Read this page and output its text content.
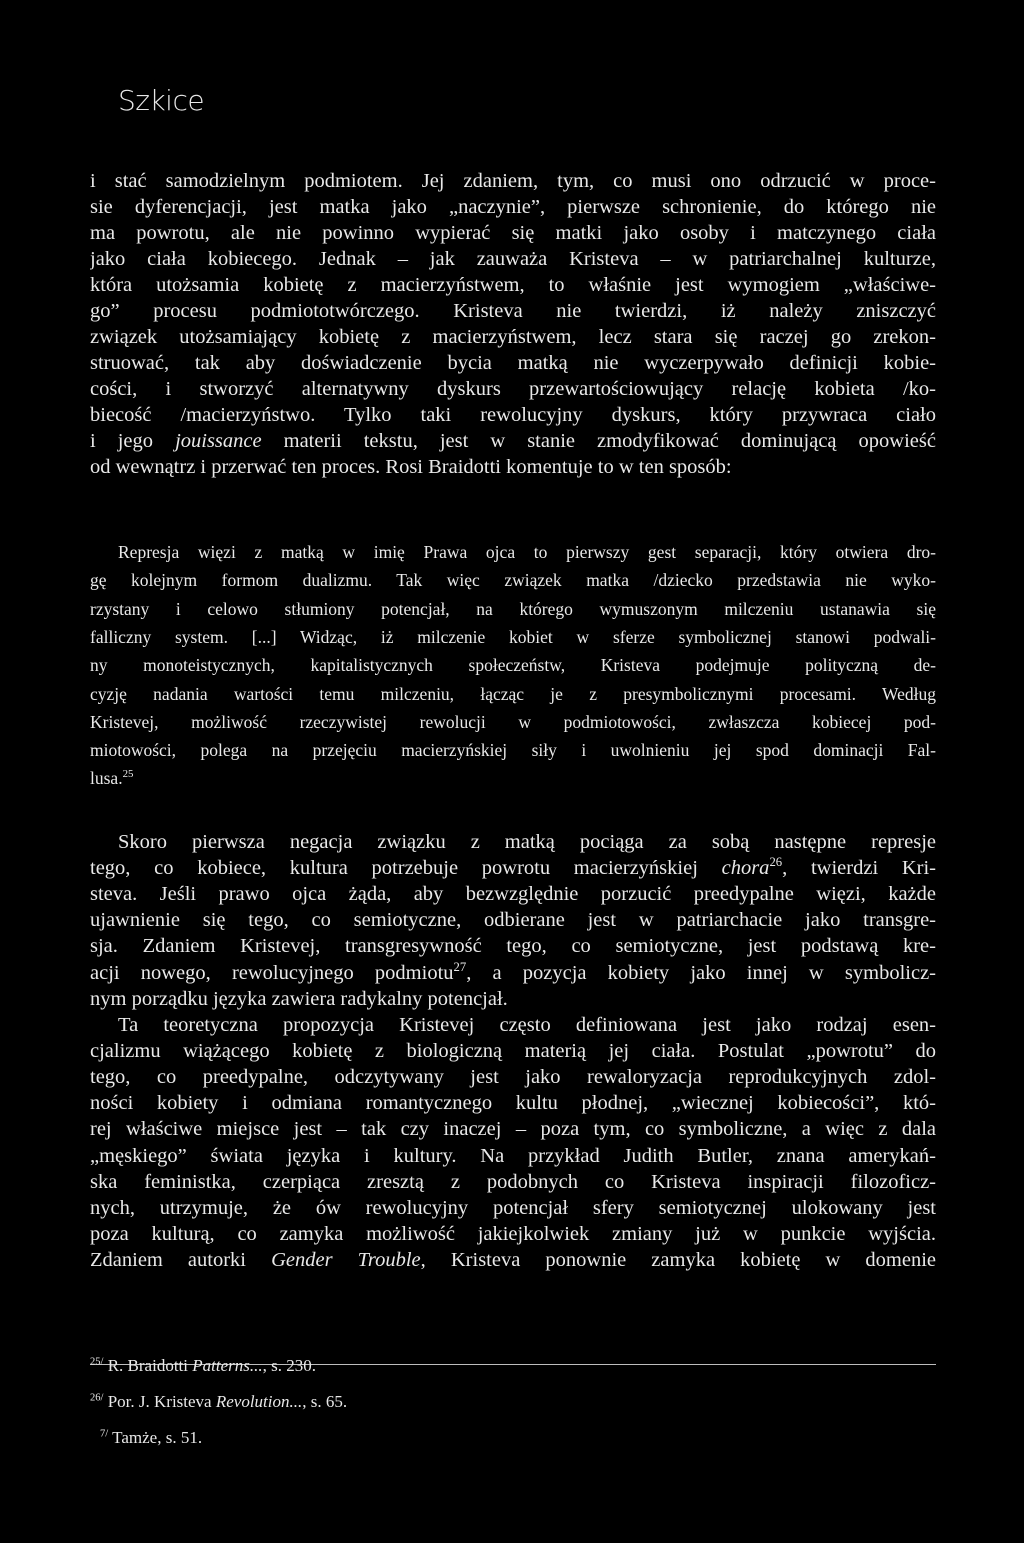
Szkice
i stać samodzielnym podmiotem. Jej zdaniem, tym, co musi ono odrzucić w proce-
sie dyferencjacji, jest matka jako „naczynie”, pierwsze schronienie, do którego nie
ma powrotu, ale nie powinno wypierać się matki jako osoby i matczynego ciała
jako ciała kobiecego. Jednak – jak zauważa Kristeva – w patriarchalnej kulturze,
która utożsamia kobietę z macierzyństwem, to właśnie jest wymogiem „właściwe-
go” procesu podmiototwórczego. Kristeva nie twierdzi, iż należy zniszczyć
związek utożsamiający kobietę z macierzyństwem, lecz stara się raczej go zrekon-
struować, tak aby doświadczenie bycia matką nie wyczerpywało definicji kobie-
cości, i stworzyć alternatywny dyskurs przewartościowujący relację kobieta /ko-
biecość /macierzyństwo. Tylko taki rewolucyjny dyskurs, który przywraca ciało
i jego jouissance materii tekstu, jest w stanie zmodyfikować dominującą opowieść
od wewnątrz i przerwać ten proces. Rosi Braidotti komentuje to w ten sposób:
Represja więzi z matką w imię Prawa ojca to pierwszy gest separacji, który otwiera dro-
gę kolejnym formom dualizmu. Tak więc związek matka /dziecko przedstawia nie wyko-
rzystany i celowo stłumiony potencjał, na którego wymuszonym milczeniu ustanawia się
falliczny system. [...] Widząc, iż milczenie kobiet w sferze symbolicznej stanowi podwali-
ny monoteistycznych, kapitalistycznych społeczeństw, Kristeva podejmuje polityczną de-
cyzję nadania wartości temu milczeniu, łącząc je z presymbolicznymi procesami. Według
Kristevej, możliwość rzeczywistej rewolucji w podmiotowości, zwłaszcza kobiecej pod-
miotowości, polega na przejęciu macierzyńskiej siły i uwolnieniu jej spod dominacji Fal-
lusa.$^{25}$
Skoro pierwsza negacja związku z matką pociąga za sobą następne represje
tego, co kobiece, kultura potrzebuje powrotu macierzyńskiej chora$^{26}$, twierdzi Kri-
steva. Jeśli prawo ojca żąda, aby bezwzględnie porzucić preedypalne więzi, każde
ujawnienie się tego, co semiotyczne, odbierane jest w patriarchacie jako transgre-
sja. Zdaniem Kristevej, transgresywność tego, co semiotyczne, jest podstawą kre-
acji nowego, rewolucyjnego podmiotu$^{27}$, a pozycja kobiety jako innej w symbolicz-
nym porządku języka zawiera radykalny potencjał.
Ta teoretyczna propozycja Kristevej często definiowana jest jako rodzaj esen-
cjalizmu wiążącego kobietę z biologiczną materią jej ciała. Postulat „powrotu” do
tego, co preedypalne, odczytywany jest jako rewaloryzacja reprodukcyjnych zdol-
ności kobiety i odmiana romantycznego kultu płodnej, „wiecznej kobiecości”, któ-
rej właściwe miejsce jest – tak czy inaczej – poza tym, co symboliczne, a więc z dala
„męskiego” świata języka i kultury. Na przykład Judith Butler, znana amerykań-
ska feministka, czerpiąca zresztą z podobnych co Kristeva inspiracji filozoficz-
nych, utrzymuje, że ów rewolucyjny potencjał sfery semiotycznej ulokowany jest
poza kulturą, co zamyka możliwość jakiejkolwiek zmiany już w punkcie wyjścia.
Zdaniem autorki Gender Trouble, Kristeva ponownie zamyka kobietę w domenie
$^{25/}$ R. Braidotti Patterns..., s. 230.
$^{26/}$ Por. J. Kristeva Revolution..., s. 65.
$^{7/}$ Tamże, s. 51.
